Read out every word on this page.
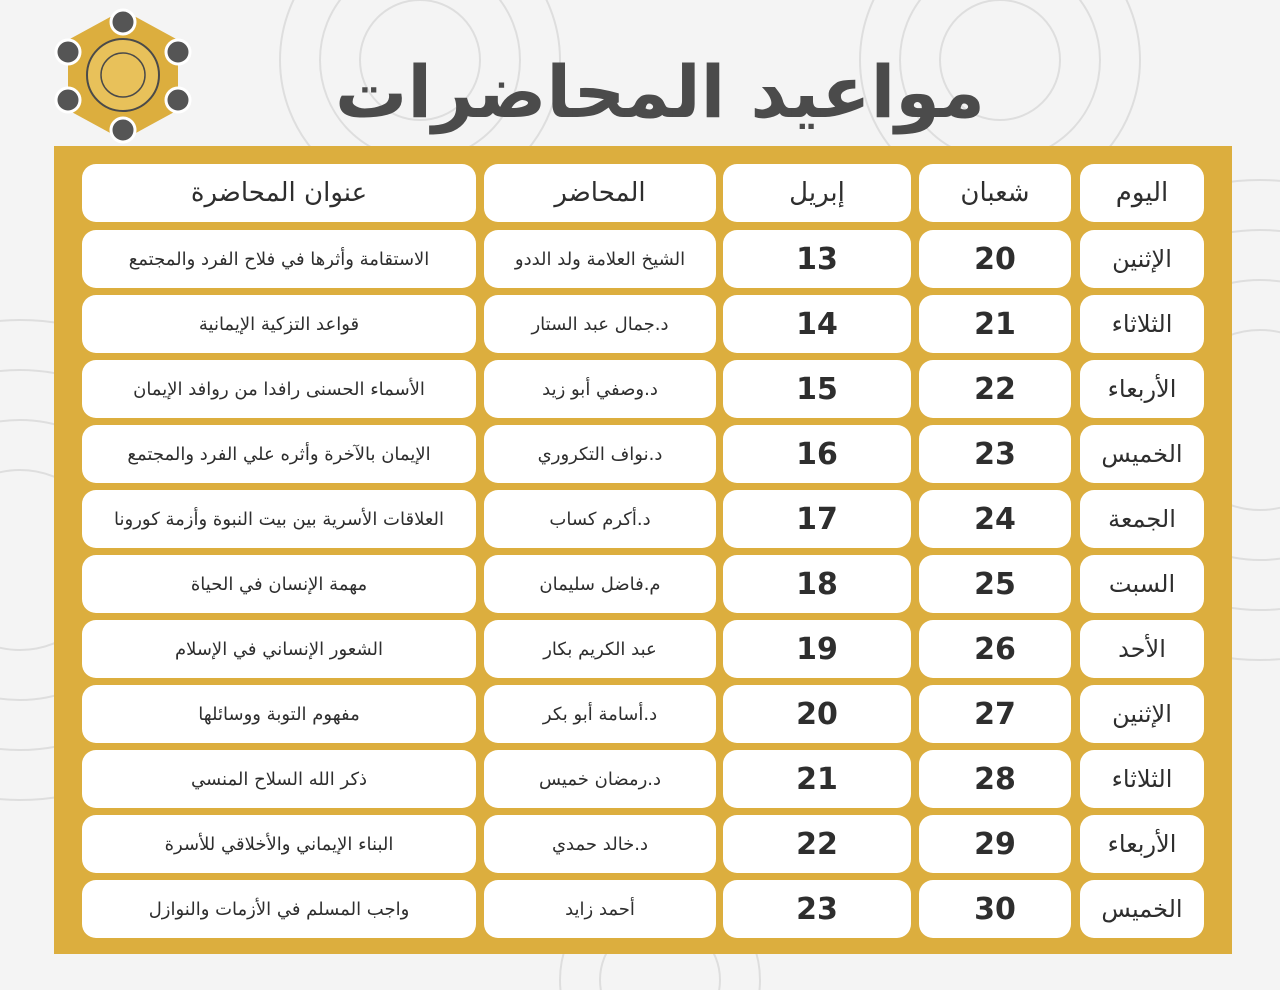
مواعيد المحاضرات
اليوم
شعبان
إبريل
المحاضر
عنوان المحاضرة
الإثنين
20
13
الشيخ العلامة ولد الددو
الاستقامة وأثرها في فلاح الفرد والمجتمع
الثلاثاء
21
14
د.جمال عبد الستار
قواعد التزكية الإيمانية
الأربعاء
22
15
د.وصفي أبو زيد
الأسماء الحسنى رافدا من روافد الإيمان
الخميس
23
16
د.نواف التكروري
الإيمان بالآخرة وأثره علي الفرد والمجتمع
الجمعة
24
17
د.أكرم كساب
العلاقات الأسرية بين بيت النبوة وأزمة كورونا
السبت
25
18
م.فاضل سليمان
مهمة الإنسان في الحياة
الأحد
26
19
عبد الكريم بكار
الشعور الإنساني في الإسلام
الإثنين
27
20
د.أسامة أبو بكر
مفهوم التوبة ووسائلها
الثلاثاء
28
21
د.رمضان خميس
ذكر الله السلاح المنسي
الأربعاء
29
22
د.خالد حمدي
البناء الإيماني والأخلاقي للأسرة
الخميس
30
23
أحمد زايد
واجب المسلم في الأزمات والنوازل
